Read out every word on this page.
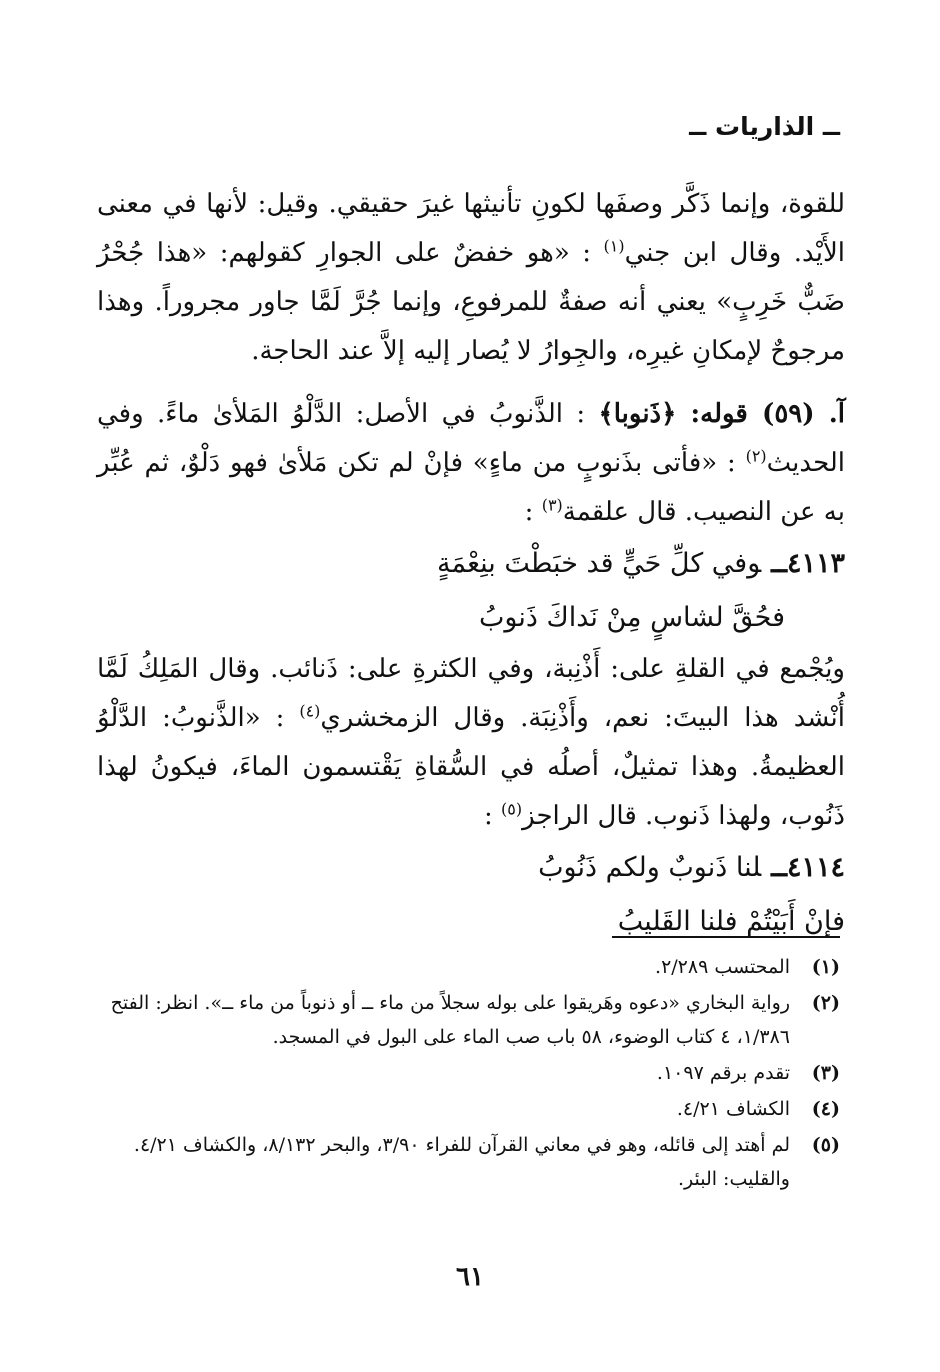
ــ الذاريات ــ

للقوة، وإنما ذَكَّر وصفَها لكونِ تأنيثها غيرَ حقيقي. وقيل: لأنها في معنى الأَيْد. وقال ابن جني$^{(١)}$ : «هو خفضٌ على الجوارِ كقولهم: «هذا جُحْرُ ضَبٌّ خَرِبٍ» يعني أنه صفةٌ للمرفوعِ، وإنما جُرَّ لَمَّا جاور مجروراً. وهذا مرجوحٌ لإمكانِ غيرِه، والجِوارُ لا يُصار إليه إلاَّ عند الحاجة.

آ. (٥٩) قوله: ﴿ذَنوبا﴾ : الذَّنوبُ في الأصل: الدَّلْوُ المَلأىٰ ماءً. وفي الحديث$^{(٢)}$ : «فأتى بذَنوبٍ من ماءٍ» فإنْ لم تكن مَلأىٰ فهو دَلْوٌ، ثم عُبِّر به عن النصيب. قال علقمة$^{(٣)}$ :

٤١١٣ــوفي كلِّ حَيٍّ قد خبَطْتَ بنِعْمَةٍ

فحُقَّ لشاسٍ مِنْ نَداكَ ذَنوبُ

ويُجْمع في القلةِ على: أَذْنِبة، وفي الكثرةِ على: ذَنائب. وقال المَلِكُ لَمَّا أُنْشد هذا البيتَ: نعم، وأَذْنِبَة. وقال الزمخشري$^{(٤)}$ : «الذَّنوبُ: الدَّلْوُ العظيمةُ. وهذا تمثيلٌ، أصلُه في السُّقاةِ يَقْتسمون الماءَ، فيكونُ لهذا ذَنُوب، ولهذا ذَنوب. قال الراجز$^{(٥)}$ :

٤١١٤ــلنا ذَنوبٌ ولكم ذَنُوبُ

فإنْ أَبَيْتُمْ فلنا القَليبُ

(١)
المحتسب ٢/٢٨٩.
(٢)
رواية البخاري «دعوه وهَريقوا على بوله سجلاً من ماء ــ أو ذنوباً من ماء ــ». انظر: الفتح ١/٣٨٦، ٤ كتاب الوضوء، ٥٨ باب صب الماء على البول في المسجد.
(٣)
تقدم برقم ١٠٩٧.
(٤)
الكشاف ٤/٢١.
(٥)
لم أهتد إلى قائله، وهو في معاني القرآن للفراء ٣/٩٠، والبحر ٨/١٣٢، والكشاف ٤/٢١. والقليب: البئر.
٦١
